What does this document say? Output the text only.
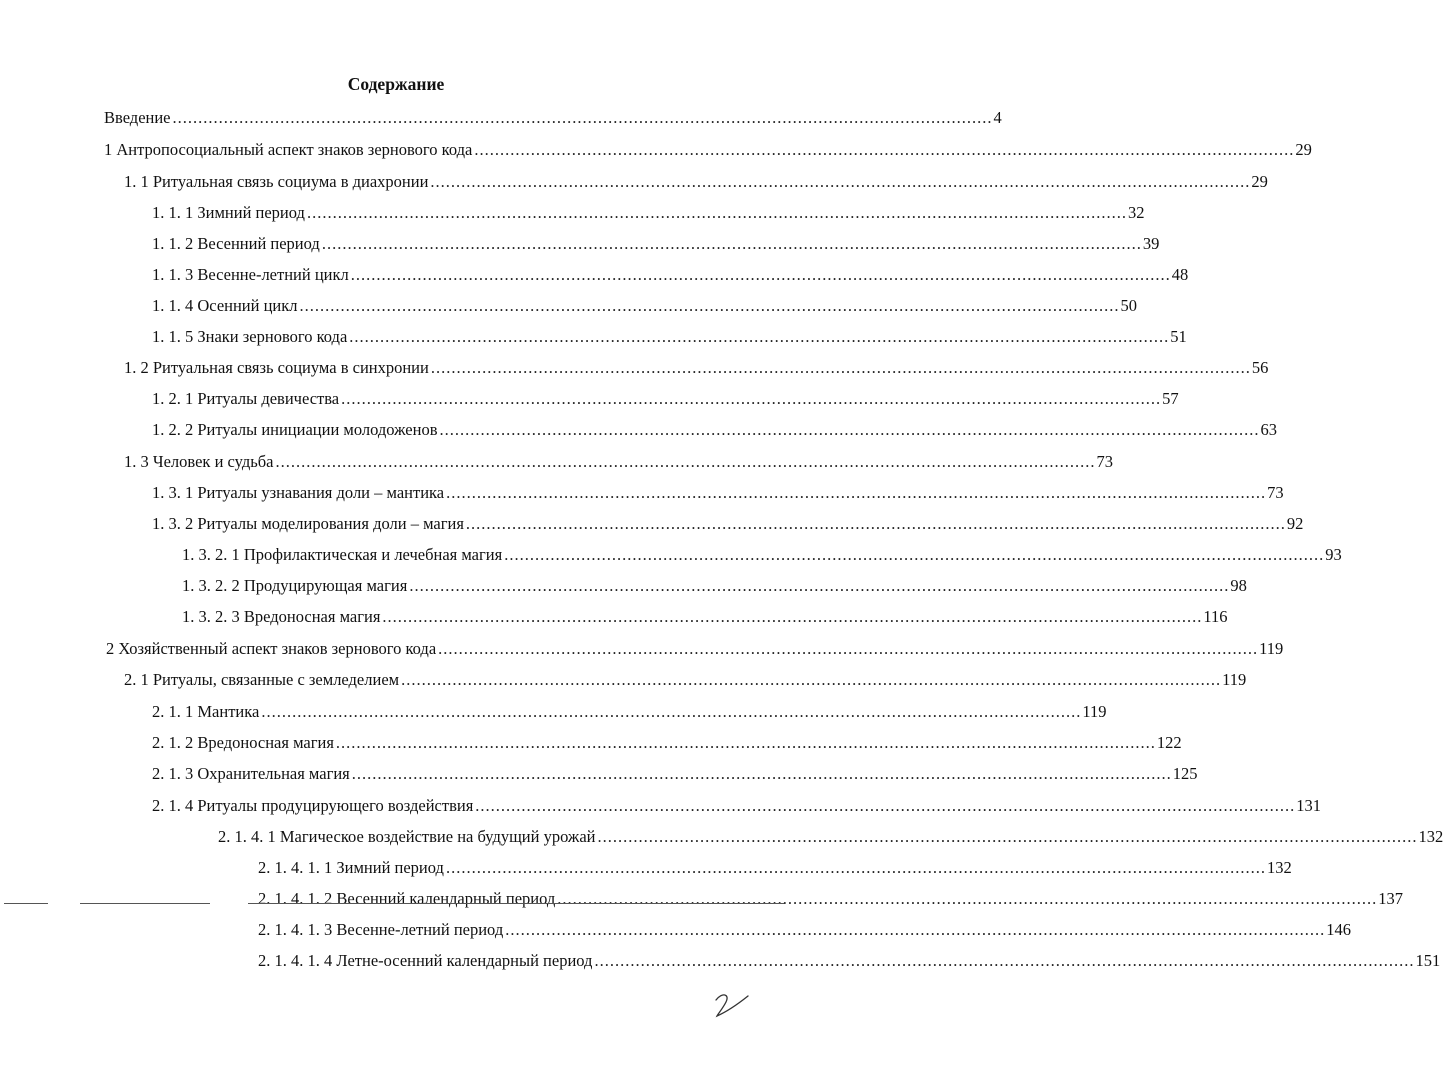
Содержание
Введение ................................................................................................................................................................ 4
1 Антропосоциальный аспект знаков зернового кода ................................................................................................................................................................ 29
1. 1 Ритуальная связь социума в диахронии ................................................................................................................................................................ 29
1. 1. 1 Зимний период ................................................................................................................................................................ 32
1. 1. 2 Весенний период ................................................................................................................................................................ 39
1. 1. 3 Весенне-летний цикл ................................................................................................................................................................ 48
1. 1. 4 Осенний цикл ................................................................................................................................................................ 50
1. 1. 5 Знаки зернового кода ................................................................................................................................................................ 51
1. 2 Ритуальная связь социума в синхронии ................................................................................................................................................................ 56
1. 2. 1 Ритуалы девичества ................................................................................................................................................................ 57
1. 2. 2 Ритуалы инициации молодоженов ................................................................................................................................................................ 63
1. 3 Человек и судьба ................................................................................................................................................................ 73
1. 3. 1 Ритуалы узнавания доли – мантика ................................................................................................................................................................ 73
1. 3. 2 Ритуалы моделирования доли – магия ................................................................................................................................................................ 92
1. 3. 2. 1 Профилактическая и лечебная магия ................................................................................................................................................................ 93
1. 3. 2. 2 Продуцирующая магия ................................................................................................................................................................ 98
1. 3. 2. 3 Вредоносная магия ................................................................................................................................................................ 116
2 Хозяйственный аспект знаков зернового кода ................................................................................................................................................................ 119
2. 1 Ритуалы, связанные с земледелием ................................................................................................................................................................ 119
2. 1. 1 Мантика ................................................................................................................................................................ 119
2. 1. 2 Вредоносная магия ................................................................................................................................................................ 122
2. 1. 3 Охранительная магия ................................................................................................................................................................ 125
2. 1. 4 Ритуалы продуцирующего воздействия ................................................................................................................................................................ 131
2. 1. 4. 1 Магическое воздействие на будущий урожай ................................................................................................................................................................ 132
2. 1. 4. 1. 1 Зимний период ................................................................................................................................................................ 132
2. 1. 4. 1. 2 Весенний календарный период ................................................................................................................................................................ 137
2. 1. 4. 1. 3 Весенне-летний период ................................................................................................................................................................ 146
2. 1. 4. 1. 4 Летне-осенний календарный период ................................................................................................................................................................ 151
